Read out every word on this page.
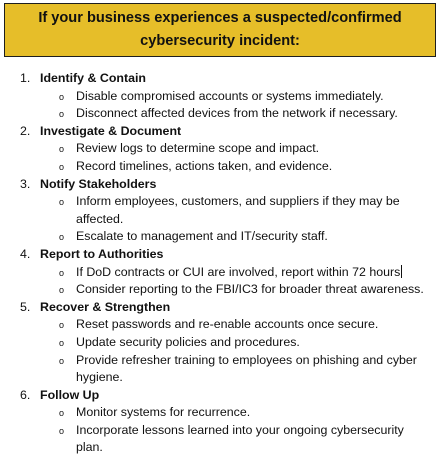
If your business experiences a suspected/confirmed cybersecurity incident:
1. Identify & Contain
o Disable compromised accounts or systems immediately.
o Disconnect affected devices from the network if necessary.
2. Investigate & Document
o Review logs to determine scope and impact.
o Record timelines, actions taken, and evidence.
3. Notify Stakeholders
o Inform employees, customers, and suppliers if they may be affected.
o Escalate to management and IT/security staff.
4. Report to Authorities
o If DoD contracts or CUI are involved, report within 72 hours
o Consider reporting to the FBI/IC3 for broader threat awareness.
5. Recover & Strengthen
o Reset passwords and re-enable accounts once secure.
o Update security policies and procedures.
o Provide refresher training to employees on phishing and cyber hygiene.
6. Follow Up
o Monitor systems for recurrence.
o Incorporate lessons learned into your ongoing cybersecurity plan.
